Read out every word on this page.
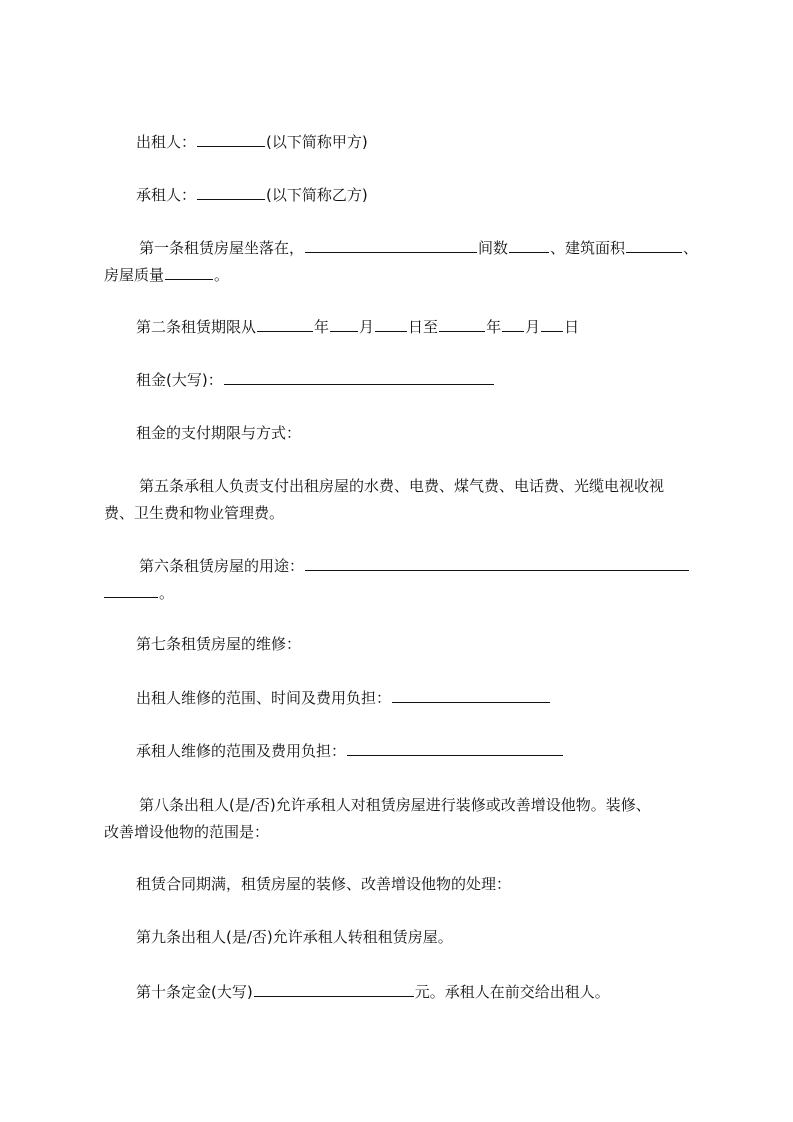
出租人：	(以下简称甲方)
承租人：	(以下简称乙方)
第一条租赁房屋坐落在，	间数	、建筑面积	、
房屋质量	。
第二条租赁期限从	年 月 日至	年 月 日
租金(大写)：
租金的支付期限与方式：
第五条承租人负责支付出租房屋的水费、电费、煤气费、电话费、光缆电视收视
费、卫生费和物业管理费。
第六条租赁房屋的用途：
。
第七条租赁房屋的维修：
出租人维修的范围、时间及费用负担：
承租人维修的范围及费用负担：
第八条出租人(是/否)允许承租人对租赁房屋进行装修或改善增设他物。装修、
改善增设他物的范围是：
租赁合同期满，租赁房屋的装修、改善增设他物的处理：
第九条出租人(是/否)允许承租人转租租赁房屋。
第十条定金(大写)	元。承租人在前交给出租人。
